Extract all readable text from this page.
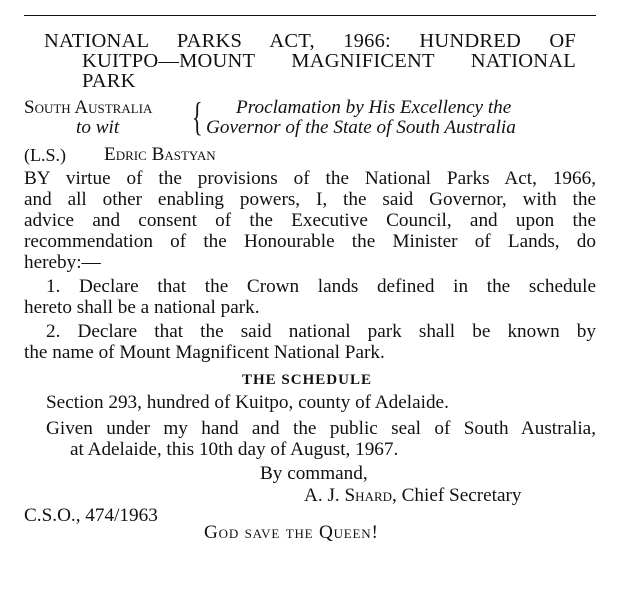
NATIONAL PARKS ACT, 1966: HUNDRED OF
KUITPO—MOUNT MAGNIFICENT NATIONAL
PARK
South Australia
to wit { Proclamation by His Excellency the
Governor of the State of South Australia
(L.S.) Edric Bastyan
BY virtue of the provisions of the National Parks Act, 1966,
and all other enabling powers, I, the said Governor, with the
advice and consent of the Executive Council, and upon the
recommendation of the Honourable the Minister of Lands, do
hereby:—
1. Declare that the Crown lands defined in the schedule
hereto shall be a national park.
2. Declare that the said national park shall be known by
the name of Mount Magnificent National Park.
THE SCHEDULE
Section 293, hundred of Kuitpo, county of Adelaide.
Given under my hand and the public seal of South Australia,
at Adelaide, this 10th day of August, 1967.
By command,
A. J. Shard, Chief Secretary
C.S.O., 474/1963
God save the Queen!
